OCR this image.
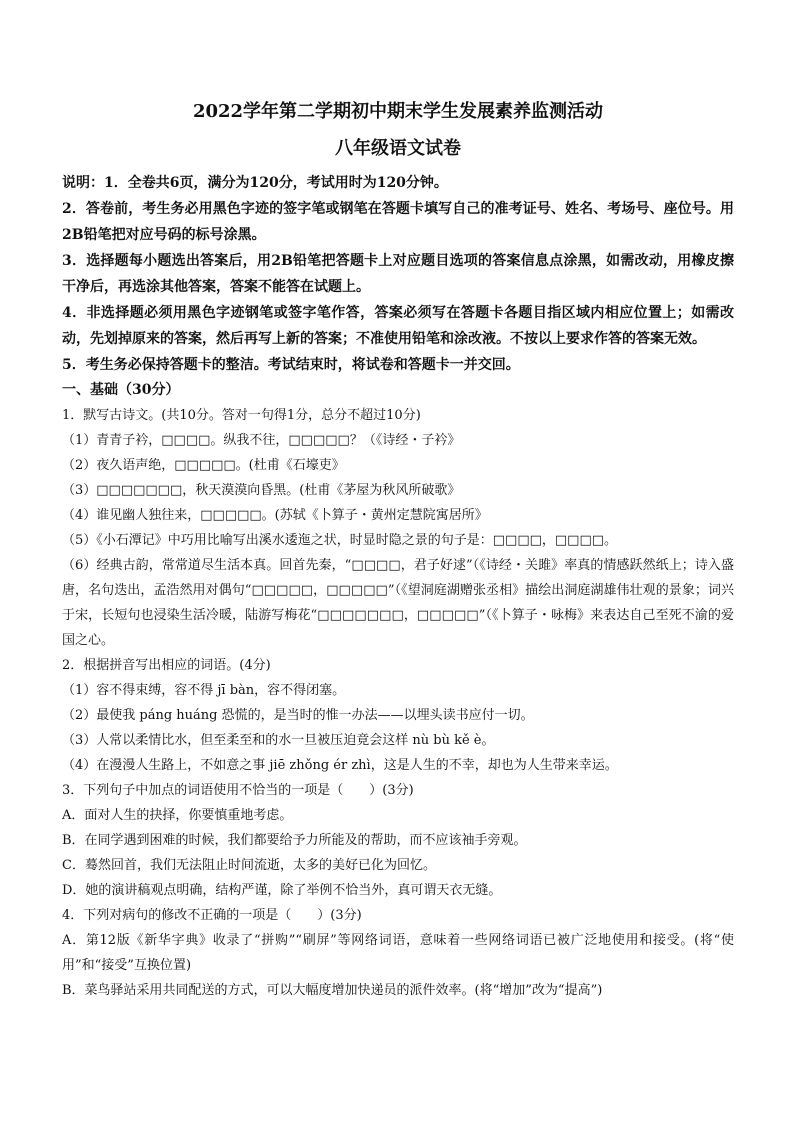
2022学年第二学期初中期末学生发展素养监测活动
八年级语文试卷

说明：1．全卷共6页，满分为120分，考试用时为120分钟。

2．答卷前，考生务必用黑色字迹的签字笔或钢笔在答题卡填写自己的准考证号、姓名、考场号、座位号。用2B铅笔把对应号码的标号涂黑。

3．选择题每小题选出答案后，用2B铅笔把答题卡上对应题目选项的答案信息点涂黑，如需改动，用橡皮擦干净后，再选涂其他答案，答案不能答在试题上。

4．非选择题必须用黑色字迹钢笔或签字笔作答，答案必须写在答题卡各题目指区域内相应位置上；如需改动，先划掉原来的答案，然后再写上新的答案；不准使用铅笔和涂改液。不按以上要求作答的答案无效。

5．考生务必保持答题卡的整洁。考试结束时，将试卷和答题卡一并交回。

一、基础（30分）

1．默写古诗文。(共10分。答对一句得1分，总分不超过10分)

（1）青青子衿，□□□□。纵我不往，□□□□□？（《诗经・子衿》

（2）夜久语声绝，□□□□□。(杜甫《石壕吏》

（3）□□□□□□□，秋天漠漠向昏黑。(杜甫《茅屋为秋风所破歌》

（4）谁见幽人独往来，□□□□□。(苏轼《卜算子・黄州定慧院寓居所》

（5）《小石潭记》中巧用比喻写出溪水逶迤之状，时显时隐之景的句子是：□□□□，□□□□。

（6）经典古韵，常常道尽生活本真。回首先秦，“□□□□，君子好逑”（《诗经・关雎》率真的情感跃然纸上；诗入盛唐，名句迭出，孟浩然用对偶句“□□□□□，□□□□□”（《望洞庭湖赠张丞相》描绘出洞庭湖雄伟壮观的景象；词兴于宋，长短句也浸染生活冷暖，陆游写梅花“□□□□□□□，□□□□□”（《卜算子・咏梅》来表达自己至死不渝的爱国之心。

2．根据拼音写出相应的词语。(4分)

（1）容不得束缚，容不得 jī bàn，容不得闭塞。

（2）最使我 páng huáng 恐慌的，是当时的惟一办法——以埋头读书应付一切。

（3）人常以柔情比水，但至柔至和的水一旦被压迫竟会这样 nù bù kě è。

（4）在漫漫人生路上，不如意之事 jiē zhǒng ér zhì，这是人生的不幸，却也为人生带来幸运。

3．下列句子中加点的词语使用不恰当的一项是（　　）(3分)

A．面对人生的抉择，你要慎重地考虑。

B．在同学遇到困难的时候，我们都要给予力所能及的帮助，而不应该袖手旁观。

C．蓦然回首，我们无法阻止时间流逝，太多的美好已化为回忆。

D．她的演讲稿观点明确，结构严谨，除了举例不恰当外，真可谓天衣无缝。

4．下列对病句的修改不正确的一项是（　　）(3分)

A．第12版《新华字典》收录了“拼购”“刷屏”等网络词语，意味着一些网络词语已被广泛地使用和接受。(将“使用”和“接受”互换位置)

B．菜鸟驿站采用共同配送的方式，可以大幅度增加快递员的派件效率。(将“增加”改为“提高”)
